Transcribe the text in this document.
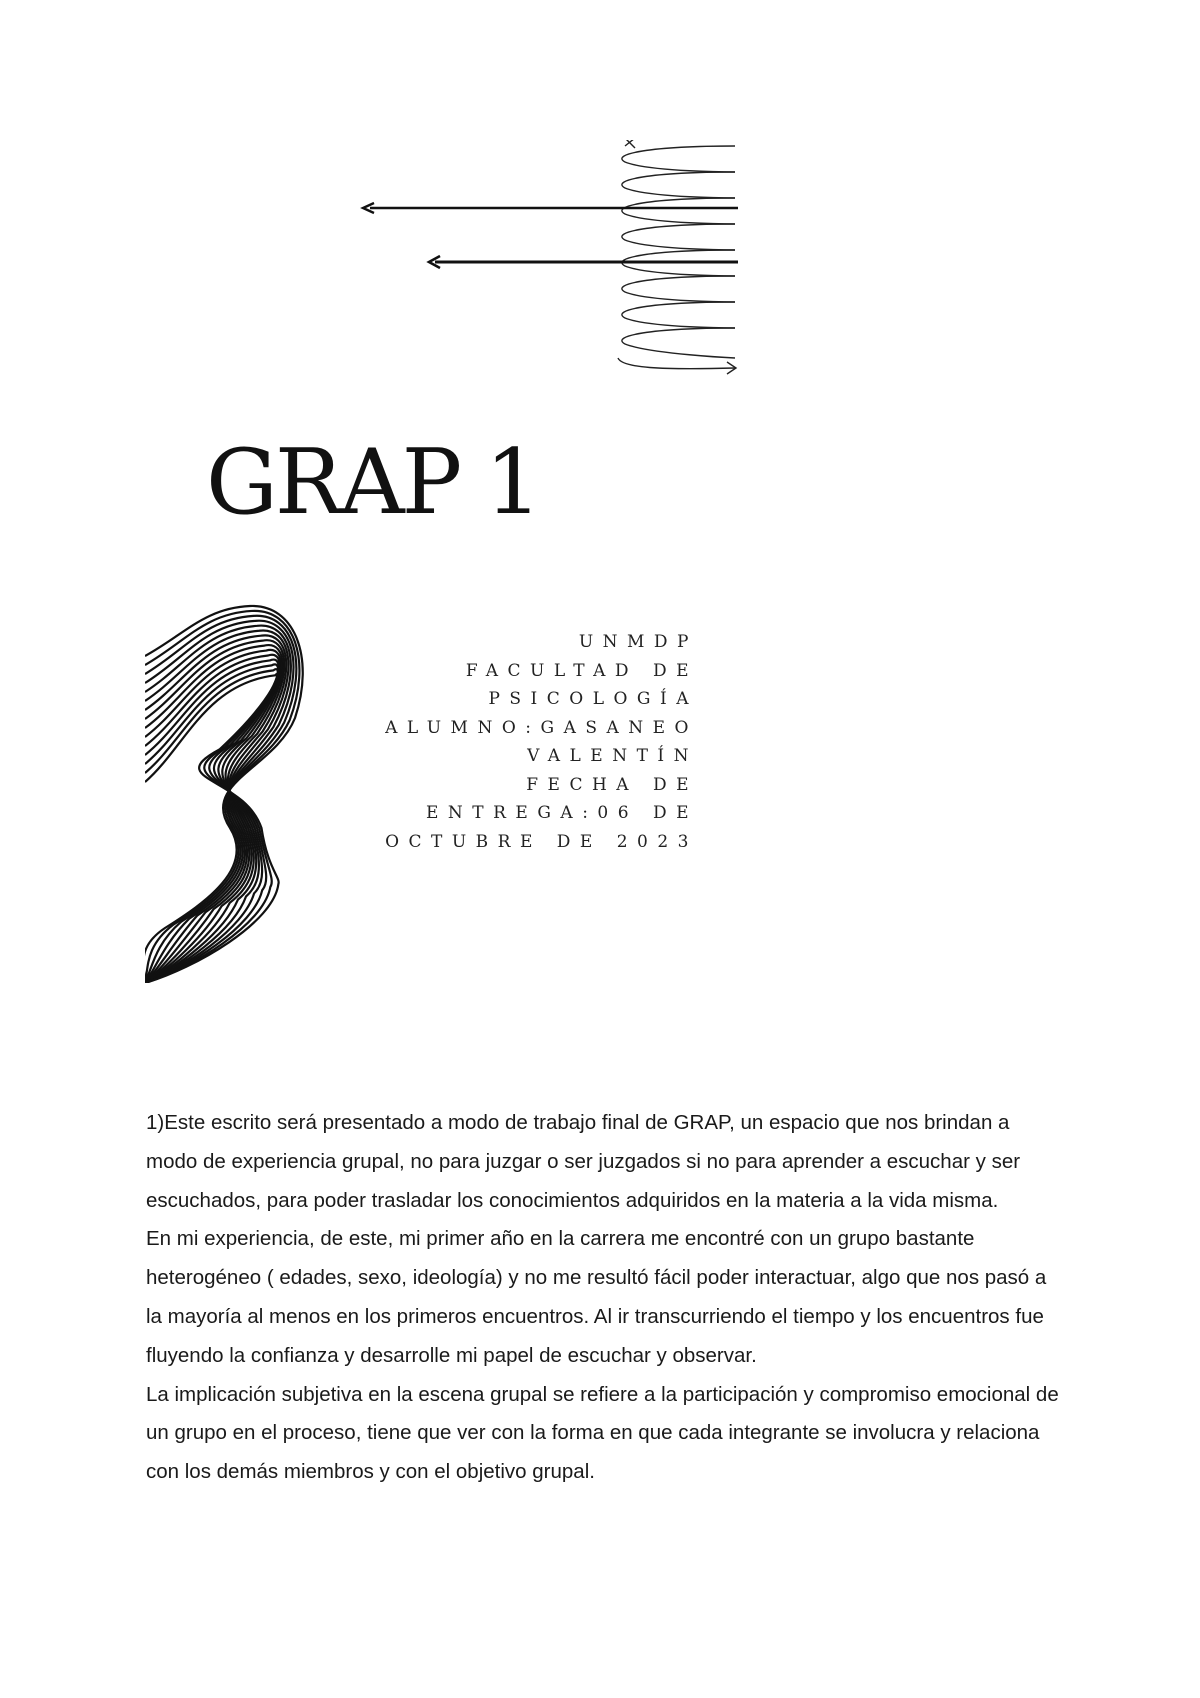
GRAP 1
UNMDP
FACULTAD DE
PSICOLOGÍA
ALUMNO:GASANEO
VALENTÍN
FECHA DE
ENTREGA:06 DE
OCTUBRE DE 2023

1)Este escrito será presentado a modo de trabajo final de GRAP, un espacio que nos brindan a modo de experiencia grupal, no para juzgar o ser juzgados si no para aprender a escuchar y ser escuchados, para poder trasladar los conocimientos adquiridos en la materia a la vida misma.

En mi experiencia, de este, mi primer año en la carrera me encontré con un grupo bastante heterogéneo ( edades, sexo, ideología) y no me resultó fácil poder interactuar, algo que nos pasó a la mayoría al menos en los primeros encuentros. Al ir transcurriendo el tiempo y los encuentros fue fluyendo la confianza y desarrolle mi papel de escuchar y observar.

La implicación subjetiva en la escena grupal se refiere a la participación y compromiso emocional de un grupo en el proceso, tiene que ver con la forma en que cada integrante se involucra y relaciona con los demás miembros y con el objetivo grupal.
